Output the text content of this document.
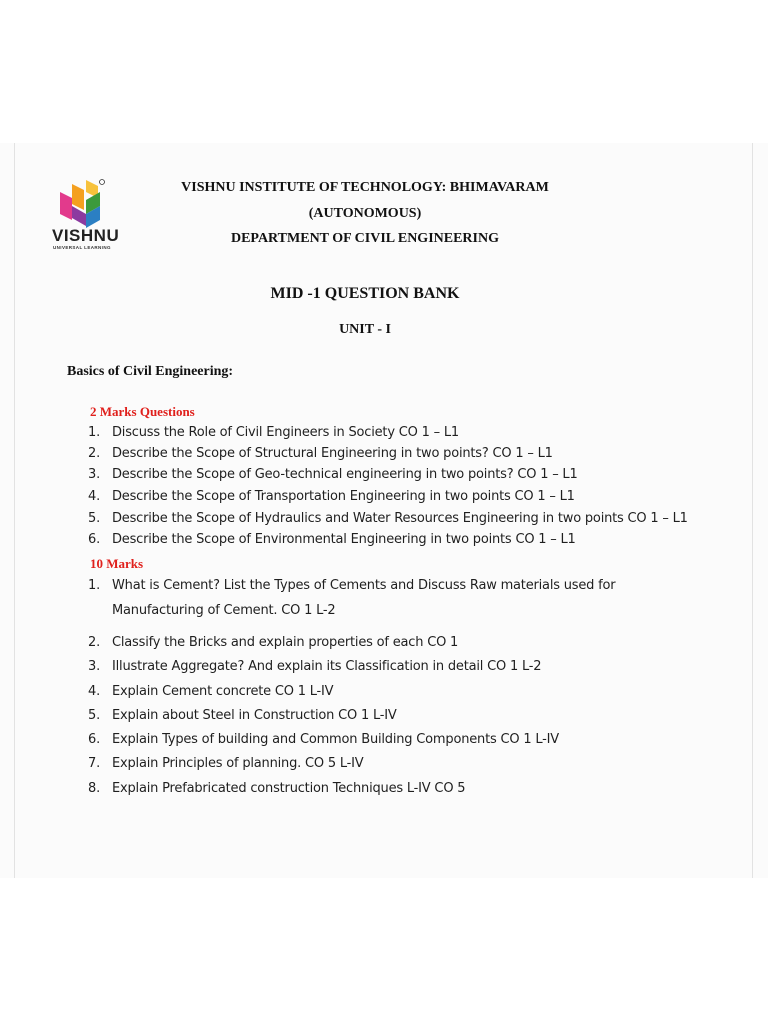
VISHNU
UNIVERSAL LEARNING
VISHNU INSTITUTE OF TECHNOLOGY: BHIMAVARAM
(AUTONOMOUS)
DEPARTMENT OF CIVIL ENGINEERING
MID -1 QUESTION BANK
UNIT - I
Basics of Civil Engineering:
2 Marks Questions
1. Discuss the Role of Civil Engineers in Society CO 1 – L1
2. Describe the Scope of Structural Engineering in two points? CO 1 – L1
3. Describe the Scope of Geo-technical engineering in two points? CO 1 – L1
4. Describe the Scope of Transportation Engineering in two points CO 1 – L1
5. Describe the Scope of Hydraulics and Water Resources Engineering in two points CO 1 – L1
6. Describe the Scope of Environmental Engineering in two points CO 1 – L1
10 Marks
1. What is Cement? List the Types of Cements and Discuss Raw materials used for
Manufacturing of Cement. CO 1 L-2
2. Classify the Bricks and explain properties of each CO 1
3. Illustrate Aggregate? And explain its Classification in detail CO 1 L-2
4. Explain Cement concrete CO 1 L-IV
5. Explain about Steel in Construction CO 1 L-IV
6. Explain Types of building and Common Building Components CO 1 L-IV
7. Explain Principles of planning. CO 5 L-IV
8. Explain Prefabricated construction Techniques L-IV CO 5
